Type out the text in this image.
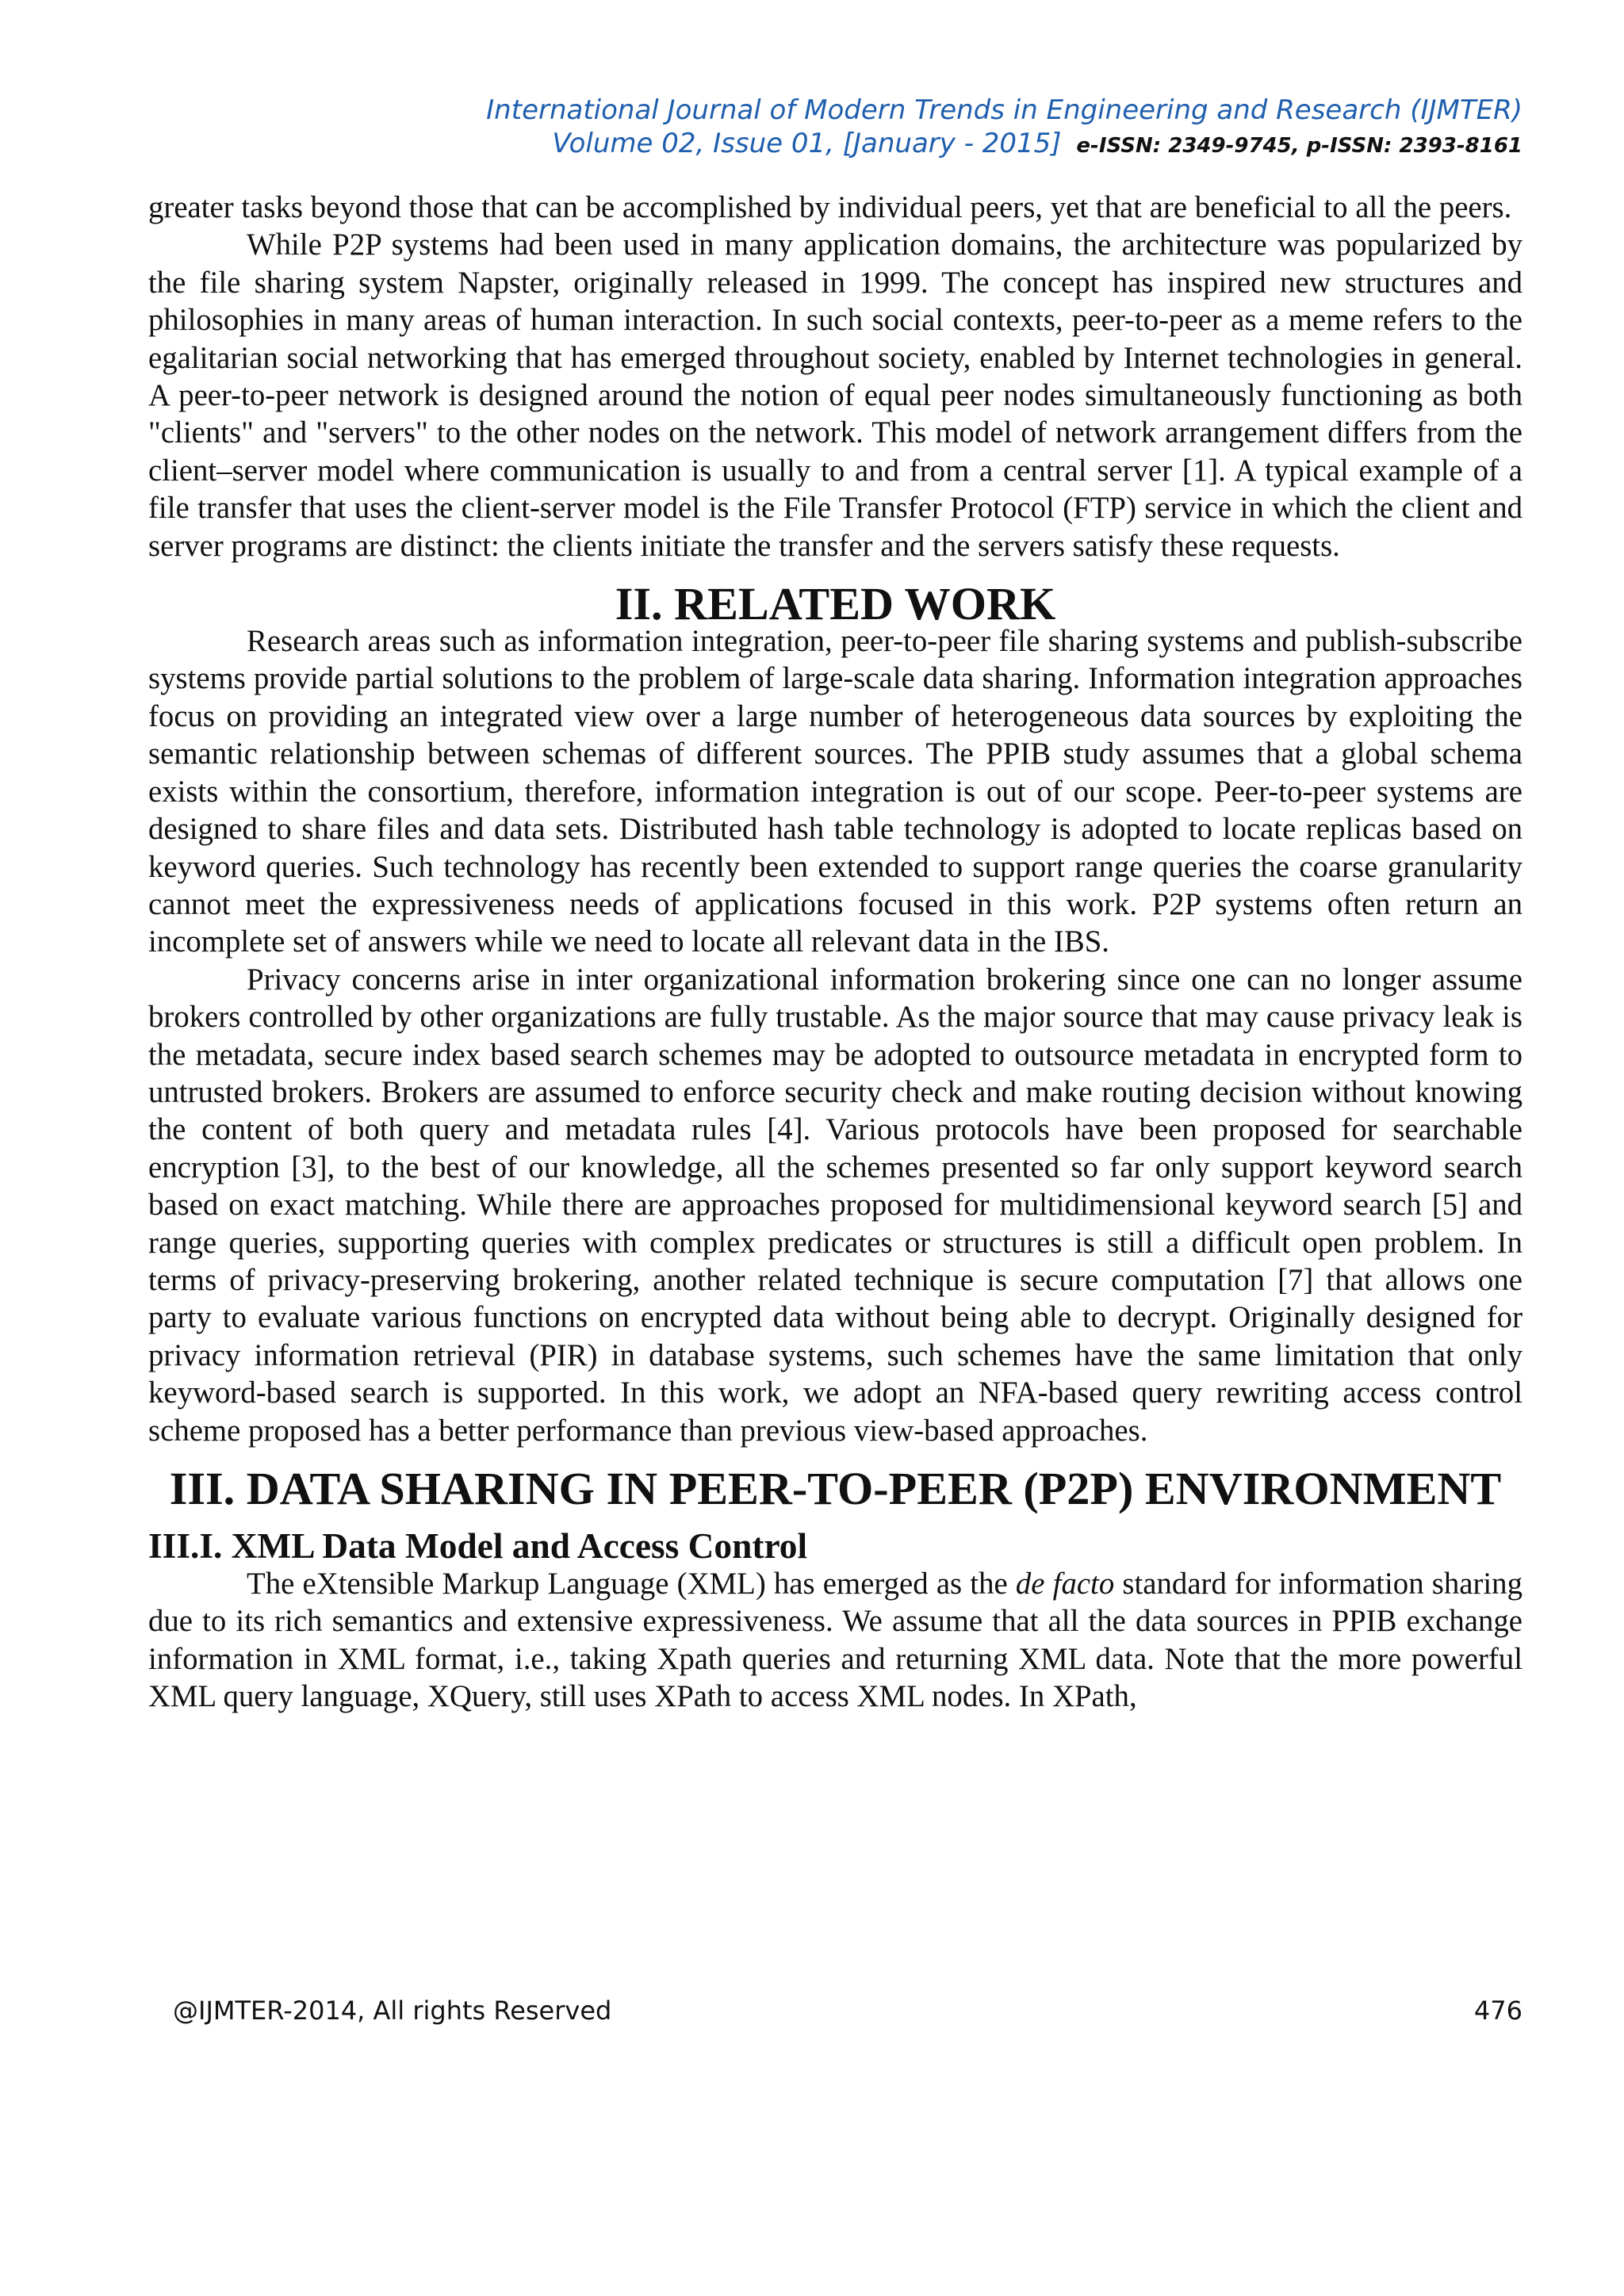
International Journal of Modern Trends in Engineering and Research (IJMTER)
Volume 02, Issue 01, [January - 2015] e-ISSN: 2349-9745, p-ISSN: 2393-8161

greater tasks beyond those that can be accomplished by individual peers, yet that are beneficial to all the peers.

While P2P systems had been used in many application domains, the architecture was popularized by the file sharing system Napster, originally released in 1999. The concept has inspired new structures and philosophies in many areas of human interaction. In such social contexts, peer-to-peer as a meme refers to the egalitarian social networking that has emerged throughout society, enabled by Internet technologies in general. A peer-to-peer network is designed around the notion of equal peer nodes simultaneously functioning as both "clients" and "servers" to the other nodes on the network. This model of network arrangement differs from the client–server model where communication is usually to and from a central server [1]. A typical example of a file transfer that uses the client-server model is the File Transfer Protocol (FTP) service in which the client and server programs are distinct: the clients initiate the transfer and the servers satisfy these requests.

II. RELATED WORK

Research areas such as information integration, peer-to-peer file sharing systems and publish-subscribe systems provide partial solutions to the problem of large-scale data sharing. Information integration approaches focus on providing an integrated view over a large number of heterogeneous data sources by exploiting the semantic relationship between schemas of different sources. The PPIB study assumes that a global schema exists within the consortium, therefore, information integration is out of our scope. Peer-to-peer systems are designed to share files and data sets. Distributed hash table technology is adopted to locate replicas based on keyword queries. Such technology has recently been extended to support range queries the coarse granularity cannot meet the expressiveness needs of applications focused in this work. P2P systems often return an incomplete set of answers while we need to locate all relevant data in the IBS.

Privacy concerns arise in inter organizational information brokering since one can no longer assume brokers controlled by other organizations are fully trustable. As the major source that may cause privacy leak is the metadata, secure index based search schemes may be adopted to outsource metadata in encrypted form to untrusted brokers. Brokers are assumed to enforce security check and make routing decision without knowing the content of both query and metadata rules [4]. Various protocols have been proposed for searchable encryption [3], to the best of our knowledge, all the schemes presented so far only support keyword search based on exact matching. While there are approaches proposed for multidimensional keyword search [5] and range queries, supporting queries with complex predicates or structures is still a difficult open problem. In terms of privacy-preserving brokering, another related technique is secure computation [7] that allows one party to evaluate various functions on encrypted data without being able to decrypt. Originally designed for privacy information retrieval (PIR) in database systems, such schemes have the same limitation that only keyword-based search is supported. In this work, we adopt an NFA-based query rewriting access control scheme proposed has a better performance than previous view-based approaches.

III. DATA SHARING IN PEER-TO-PEER (P2P) ENVIRONMENT
III.I. XML Data Model and Access Control

The eXtensible Markup Language (XML) has emerged as the de facto standard for information sharing due to its rich semantics and extensive expressiveness. We assume that all the data sources in PPIB exchange information in XML format, i.e., taking Xpath queries and returning XML data. Note that the more powerful XML query language, XQuery, still uses XPath to access XML nodes. In XPath,

@IJMTER-2014, All rights Reserved	476
